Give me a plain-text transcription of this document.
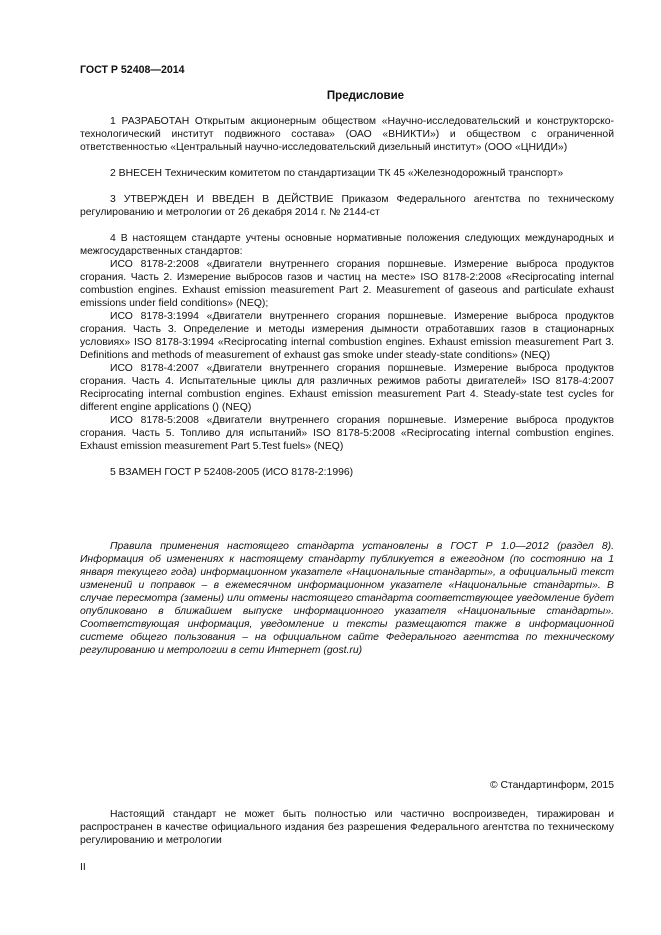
ГОСТ Р 52408—2014
Предисловие

1 РАЗРАБОТАН Открытым акционерным обществом «Научно-исследовательский и конструкторско-технологический институт подвижного состава» (ОАО «ВНИКТИ») и обществом с ограниченной ответственностью «Центральный научно-исследовательский дизельный институт» (ООО «ЦНИДИ»)

2 ВНЕСЕН Техническим комитетом по стандартизации ТК 45 «Железнодорожный транспорт»

3 УТВЕРЖДЕН И ВВЕДЕН В ДЕЙСТВИЕ Приказом Федерального агентства по техническому регулированию и метрологии от 26 декабря 2014 г. № 2144-ст

4 В настоящем стандарте учтены основные нормативные положения следующих международных и межгосударственных стандартов:

ИСО 8178-2:2008 «Двигатели внутреннего сгорания поршневые. Измерение выброса продуктов сгорания. Часть 2. Измерение выбросов газов и частиц на месте» ISO 8178-2:2008 «Reciprocating internal combustion engines. Exhaust emission measurement Part 2. Measurement of gaseous and particulate exhaust emissions under field conditions» (NEQ);

ИСО 8178-3:1994 «Двигатели внутреннего сгорания поршневые. Измерение выброса продуктов сгорания. Часть 3. Определение и методы измерения дымности отработавших газов в стационарных условиях» ISO 8178-3:1994 «Reciprocating internal combustion engines. Exhaust emission measurement Part 3. Definitions and methods of measurement of exhaust gas smoke under steady-state conditions» (NEQ)

ИСО 8178-4:2007 «Двигатели внутреннего сгорания поршневые. Измерение выброса продуктов сгорания. Часть 4. Испытательные циклы для различных режимов работы двигателей» ISO 8178-4:2007 Reciprocating internal combustion engines. Exhaust emission measurement Part 4. Steady-state test cycles for different engine applications () (NEQ)

ИСО 8178-5:2008 «Двигатели внутреннего сгорания поршневые. Измерение выброса продуктов сгорания. Часть 5. Топливо для испытаний» ISO 8178-5:2008 «Reciprocating internal combustion engines. Exhaust emission measurement Part 5.Test fuels» (NEQ)

5 ВЗАМЕН ГОСТ Р 52408-2005 (ИСО 8178-2:1996)

Правила применения настоящего стандарта установлены в ГОСТ Р 1.0—2012 (раздел 8). Информация об изменениях к настоящему стандарту публикуется в ежегодном (по состоянию на 1 января текущего года) информационном указателе «Национальные стандарты», а официальный текст изменений и поправок – в ежемесячном информационном указателе «Национальные стандарты». В случае пересмотра (замены) или отмены настоящего стандарта соответствующее уведомление будет опубликовано в ближайшем выпуске информационного указателя «Национальные стандарты». Соответствующая информация, уведомление и тексты размещаются также в информационной системе общего пользования – на официальном сайте Федерального агентства по техническому регулированию и метрологии в сети Интернет (gost.ru)

© Стандартинформ, 2015

Настоящий стандарт не может быть полностью или частично воспроизведен, тиражирован и распространен в качестве официального издания без разрешения Федерального агентства по техническому регулированию и метрологии

II
